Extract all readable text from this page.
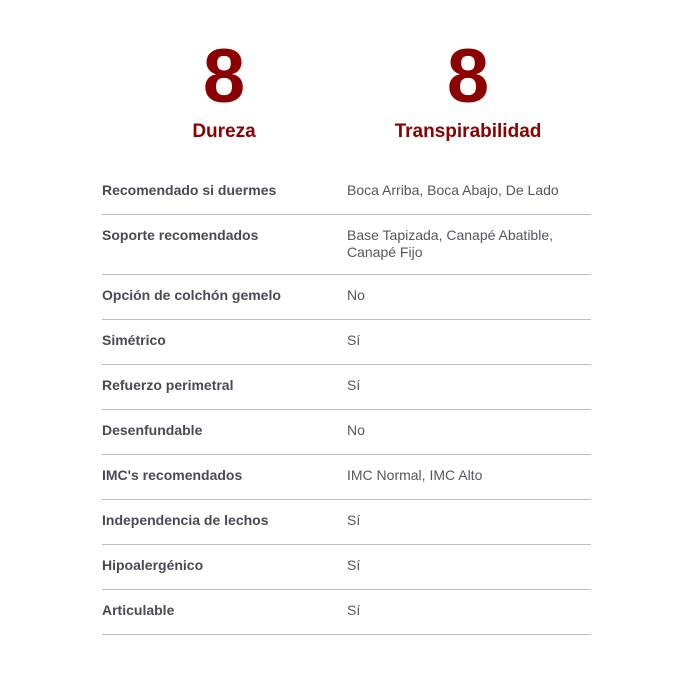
8
Dureza
8
Transpirabilidad
Recomendado si duermes	Boca Arriba, Boca Abajo, De Lado
Soporte recomendados	Base Tapizada, Canapé Abatible, Canapé Fijo
Opción de colchón gemelo	No
Simétrico	Sí
Refuerzo perimetral	Sí
Desenfundable	No
IMC's recomendados	IMC Normal, IMC Alto
Independencia de lechos	Sí
Hipoalergénico	Sí
Articulable	Sí
